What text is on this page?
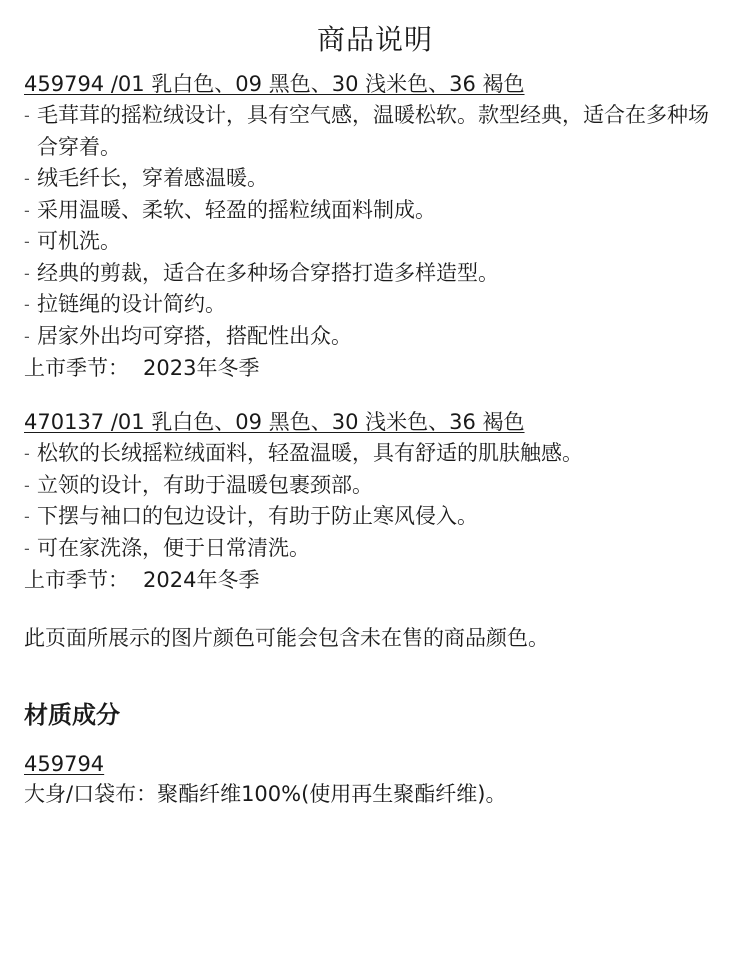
商品说明
459794 /01 乳白色、09 黑色、30 浅米色、36 褐色
- 毛茸茸的摇粒绒设计，具有空气感，温暖松软。款型经典，适合在多种场合穿着。
- 绒毛纤长，穿着感温暖。
- 采用温暖、柔软、轻盈的摇粒绒面料制成。
- 可机洗。
- 经典的剪裁，适合在多种场合穿搭打造多样造型。
- 拉链绳的设计简约。
- 居家外出均可穿搭，搭配性出众。
上市季节： 2023年冬季
470137 /01 乳白色、09 黑色、30 浅米色、36 褐色
- 松软的长绒摇粒绒面料，轻盈温暖，具有舒适的肌肤触感。
- 立领的设计，有助于温暖包裹颈部。
- 下摆与袖口的包边设计，有助于防止寒风侵入。
- 可在家洗涤，便于日常清洗。
上市季节： 2024年冬季
此页面所展示的图片颜色可能会包含未在售的商品颜色。
材质成分
459794
大身/口袋布：聚酯纤维100%(使用再生聚酯纤维)。
